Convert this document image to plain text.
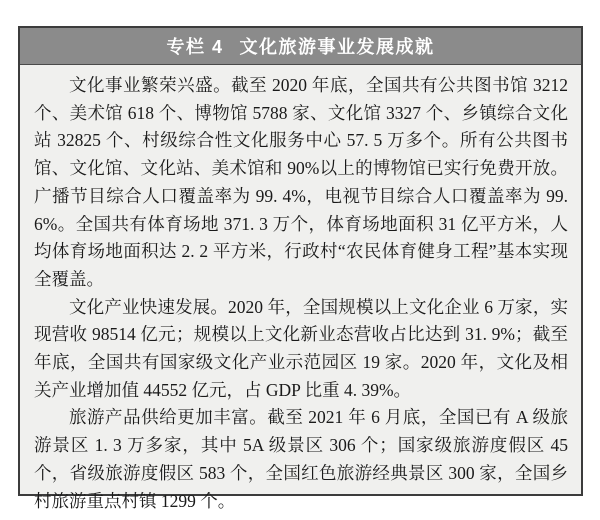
专栏 4 文化旅游事业发展成就

文化事业繁荣兴盛。截至 2020 年底，全国共有公共图书馆 3212 个、美术馆 618 个、博物馆 5788 家、文化馆 3327 个、乡镇综合文化站 32825 个、村级综合性文化服务中心 57. 5 万多个。所有公共图书馆、文化馆、文化站、美术馆和 90%以上的博物馆已实行免费开放。广播节目综合人口覆盖率为 99. 4%，电视节目综合人口覆盖率为 99. 6%。全国共有体育场地 371. 3 万个，体育场地面积 31 亿平方米，人均体育场地面积达 2. 2 平方米，行政村“农民体育健身工程”基本实现全覆盖。

文化产业快速发展。2020 年，全国规模以上文化企业 6 万家，实现营收 98514 亿元；规模以上文化新业态营收占比达到 31. 9%；截至年底，全国共有国家级文化产业示范园区 19 家。2020 年，文化及相关产业增加值 44552 亿元，占 GDP 比重 4. 39%。

旅游产品供给更加丰富。截至 2021 年 6 月底，全国已有 A 级旅游景区 1. 3 万多家，其中 5A 级景区 306 个；国家级旅游度假区 45 个，省级旅游度假区 583 个，全国红色旅游经典景区 300 家，全国乡村旅游重点村镇 1299 个。
